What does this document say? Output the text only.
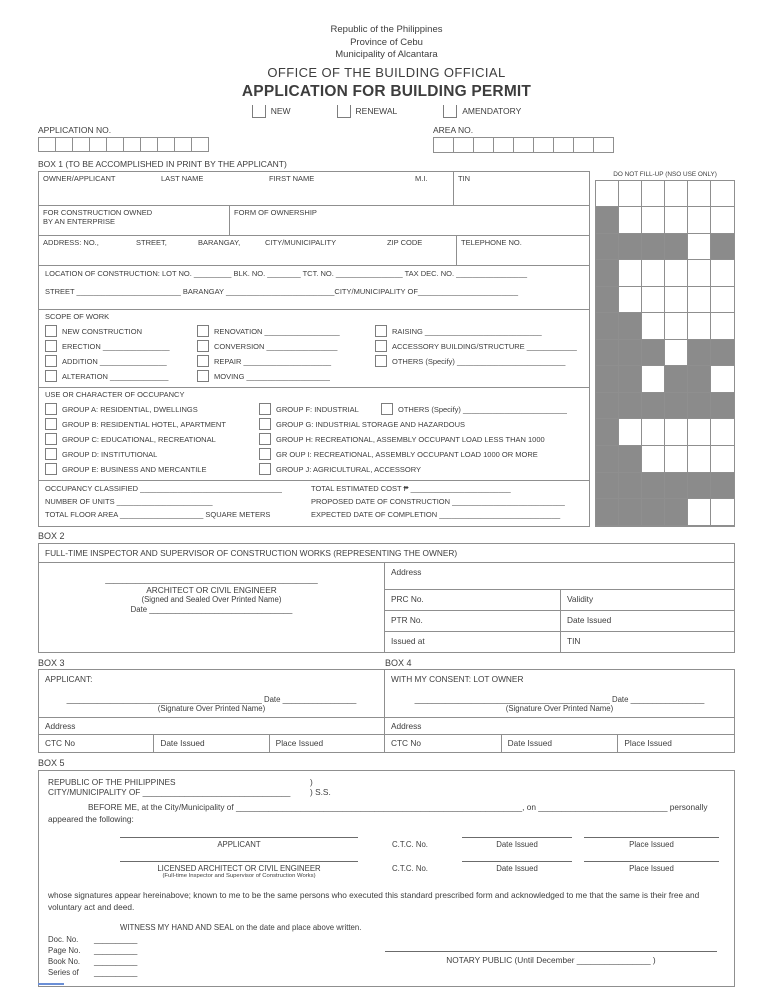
Republic of the Philippines
Province of Cebu
Municipality of Alcantara
OFFICE OF THE BUILDING OFFICIAL
APPLICATION FOR BUILDING PERMIT
NEW	RENEWAL	AMENDATORY
APPLICATION NO.	AREA NO.
BOX 1 (TO BE ACCOMPLISHED IN PRINT BY THE APPLICANT)
OWNER/APPLICANT	LAST NAME	FIRST NAME	M.I.	TIN
FOR CONSTRUCTION OWNED
BY AN ENTERPRISE
FORM OF OWNERSHIP
ADDRESS: NO.,	STREET,	BARANGAY,	CITY/MUNICIPALITY	ZIP CODE	TELEPHONE NO.
LOCATION OF CONSTRUCTION: LOT NO. _________ BLK. NO. ________ TCT. NO. ________________ TAX DEC. NO. _________________
STREET _________________________ BARANGAY __________________________CITY/MUNICIPALITY OF________________________
SCOPE OF WORK
NEW CONSTRUCTION
ERECTION ________________
ADDITION ________________
ALTERATION ______________
RENOVATION __________________
CONVERSION _________________
REPAIR _____________________
MOVING ____________________
RAISING ____________________________
ACCESSORY BUILDING/STRUCTURE ____________
OTHERS (Specify) __________________________
USE OR CHARACTER OF OCCUPANCY
GROUP A: RESIDENTIAL, DWELLINGS
GROUP B: RESIDENTIAL HOTEL, APARTMENT
GROUP C: EDUCATIONAL, RECREATIONAL
GROUP D: INSTITUTIONAL
GROUP E: BUSINESS AND MERCANTILE
GROUP F: INDUSTRIAL
GROUP G: INDUSTRIAL STORAGE AND HAZARDOUS
GROUP H: RECREATIONAL, ASSEMBLY OCCUPANT LOAD LESS THAN 1000
GR OUP I: RECREATIONAL, ASSEMBLY OCCUPANT LOAD 1000 OR MORE
GROUP J: AGRICULTURAL, ACCESSORY
OTHERS (Specify) _________________________
OCCUPANCY CLASSIFIED __________________________________
NUMBER OF UNITS _______________________
TOTAL FLOOR AREA ____________________ SQUARE METERS
TOTAL ESTIMATED COST ₱ ________________________
PROPOSED DATE OF CONSTRUCTION ___________________________
EXPECTED DATE OF COMPLETION _____________________________
DO NOT FILL-UP (NSO USE ONLY)
BOX 2
FULL-TIME INSPECTOR AND SUPERVISOR OF CONSTRUCTION WORKS (REPRESENTING THE OWNER)
_________________________________________________
ARCHITECT OR CIVIL ENGINEER
(Signed and Sealed Over Printed Name)
Date _________________________________
Address
PRC No.	Validity
PTR No.	Date Issued
Issued at	TIN
BOX 3	BOX 4
APPLICANT:
_____________________________________________ Date _________________
(Signature Over Printed Name)
Address
CTC No	Date Issued	Place Issued
WITH MY CONSENT: LOT OWNER
_____________________________________________ Date _________________
(Signature Over Printed Name)
Address
CTC No	Date Issued	Place Issued
BOX 5
REPUBLIC OF THE PHILIPPINES	)
CITY/MUNICIPALITY OF ________________________________	) S.S.
BEFORE ME, at the City/Municipality of ______________________________________________________________, on ____________________________ personally appeared the following:
APPLICANT	C.T.C. No.	Date Issued	Place Issued
LICENSED ARCHITECT OR CIVIL ENGINEER
(Full-time Inspector and Supervisor of Construction Works)
C.T.C. No.	Date Issued	Place Issued
whose signatures appear hereinabove; known to me to be the same persons who executed this standard prescribed form and acknowledged to me that the same is their free and voluntary act and deed.
WITNESS MY HAND AND SEAL on the date and place above written.
Doc. No.	__________
Page No.	__________
Book No.	__________
Series of	__________
NOTARY PUBLIC (Until December ________________ )
